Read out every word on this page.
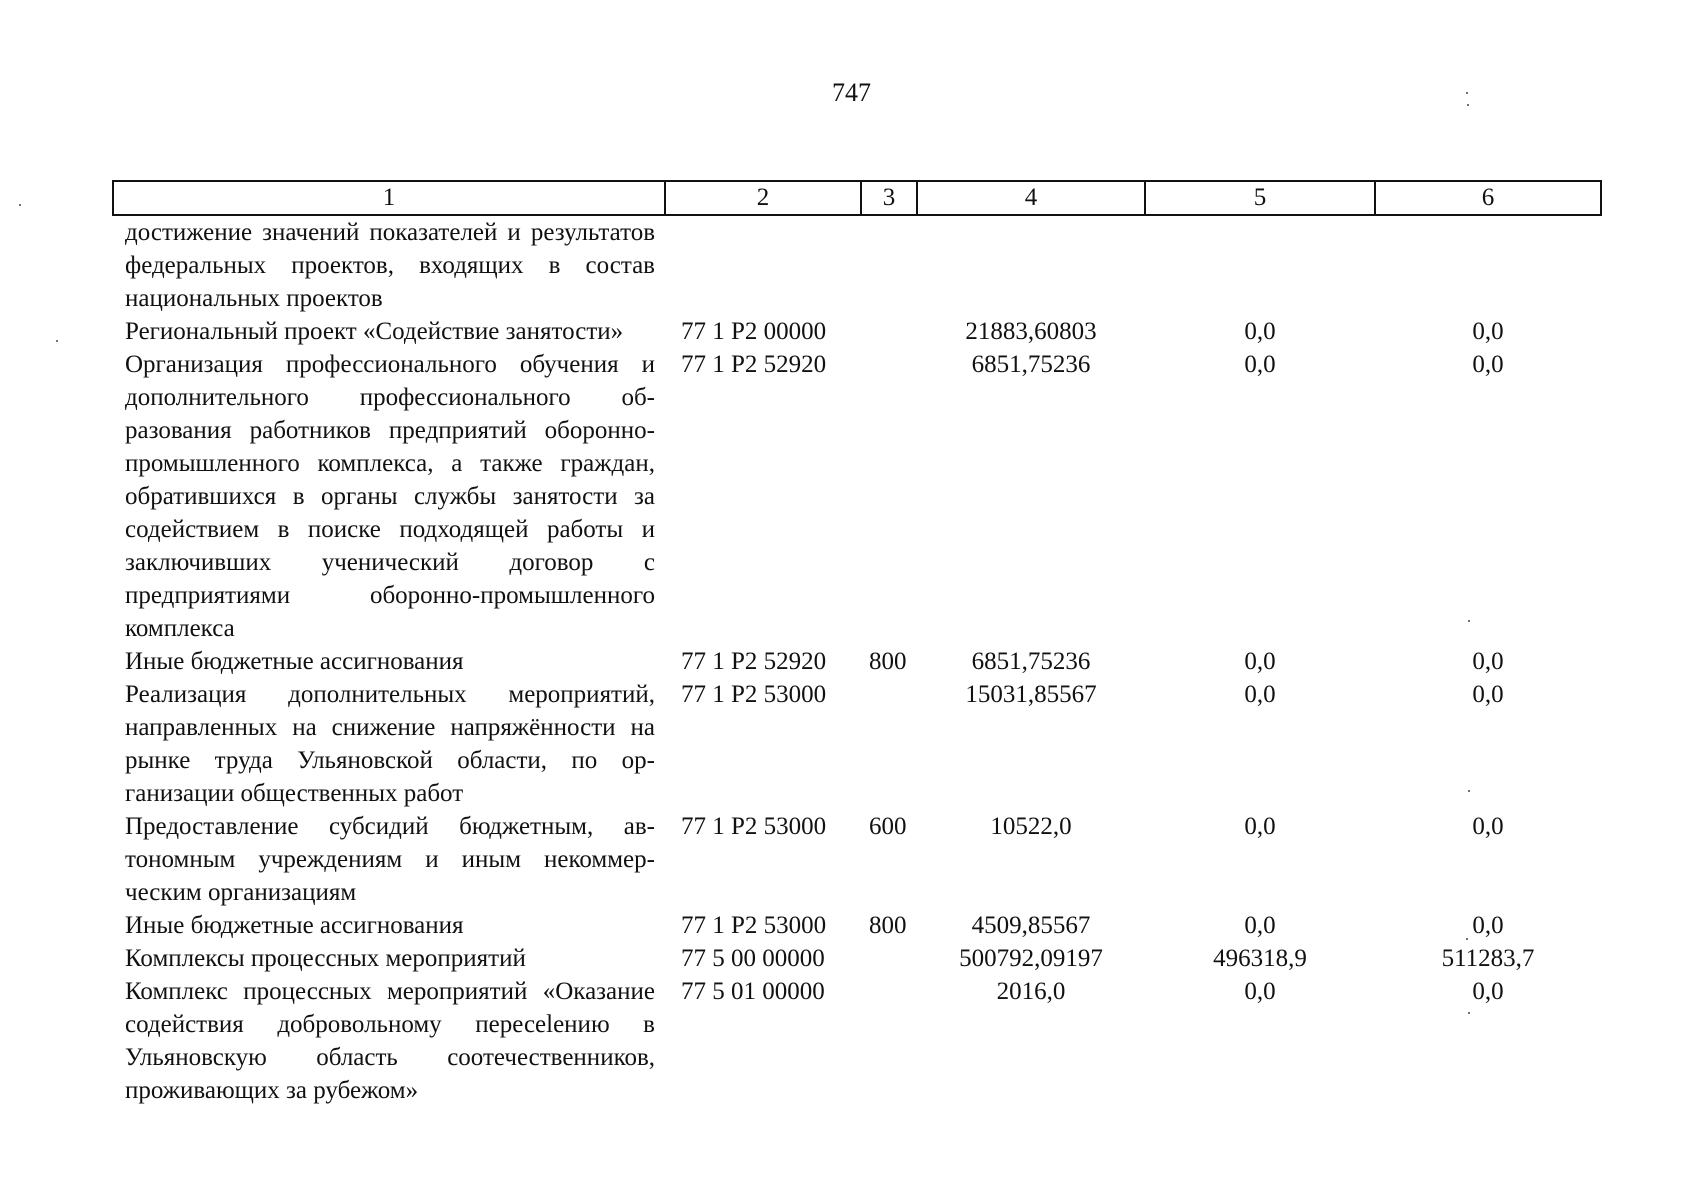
747
1	2	3	4	5	6
достижение значений показателей и результатов федеральных проектов, входящих в состав национальных проектов					
Региональный проект «Содействие занятости»	77 1 Р2 00000		21883,60803	0,0	0,0
Организация профессионального обучения и дополнительного профессионального образования работников предприятий оборонно-промышленного комплекса, а также граждан, обратившихся в органы службы занятости за содействием в поиске подходящей работы и заключивших ученический договор с предприятиями оборонно-промышленного комплекса	77 1 Р2 52920		6851,75236	0,0	0,0
Иные бюджетные ассигнования	77 1 Р2 52920	800	6851,75236	0,0	0,0
Реализация дополнительных мероприятий, направленных на снижение напряжённости на рынке труда Ульяновской области, по организации общественных работ	77 1 Р2 53000		15031,85567	0,0	0,0
Предоставление субсидий бюджетным, автономным учреждениям и иным некоммерческим организациям	77 1 Р2 53000	600	10522,0	0,0	0,0
Иные бюджетные ассигнования	77 1 Р2 53000	800	4509,85567	0,0	0,0
Комплексы процессных мероприятий	77 5 00 00000		500792,09197	496318,9	511283,7
Комплекс процессных мероприятий «Оказание содействия добровольному пересeleнию в Ульяновскую область соотечественников, проживающих за рубежом»	77 5 01 00000		2016,0	0,0	0,0
